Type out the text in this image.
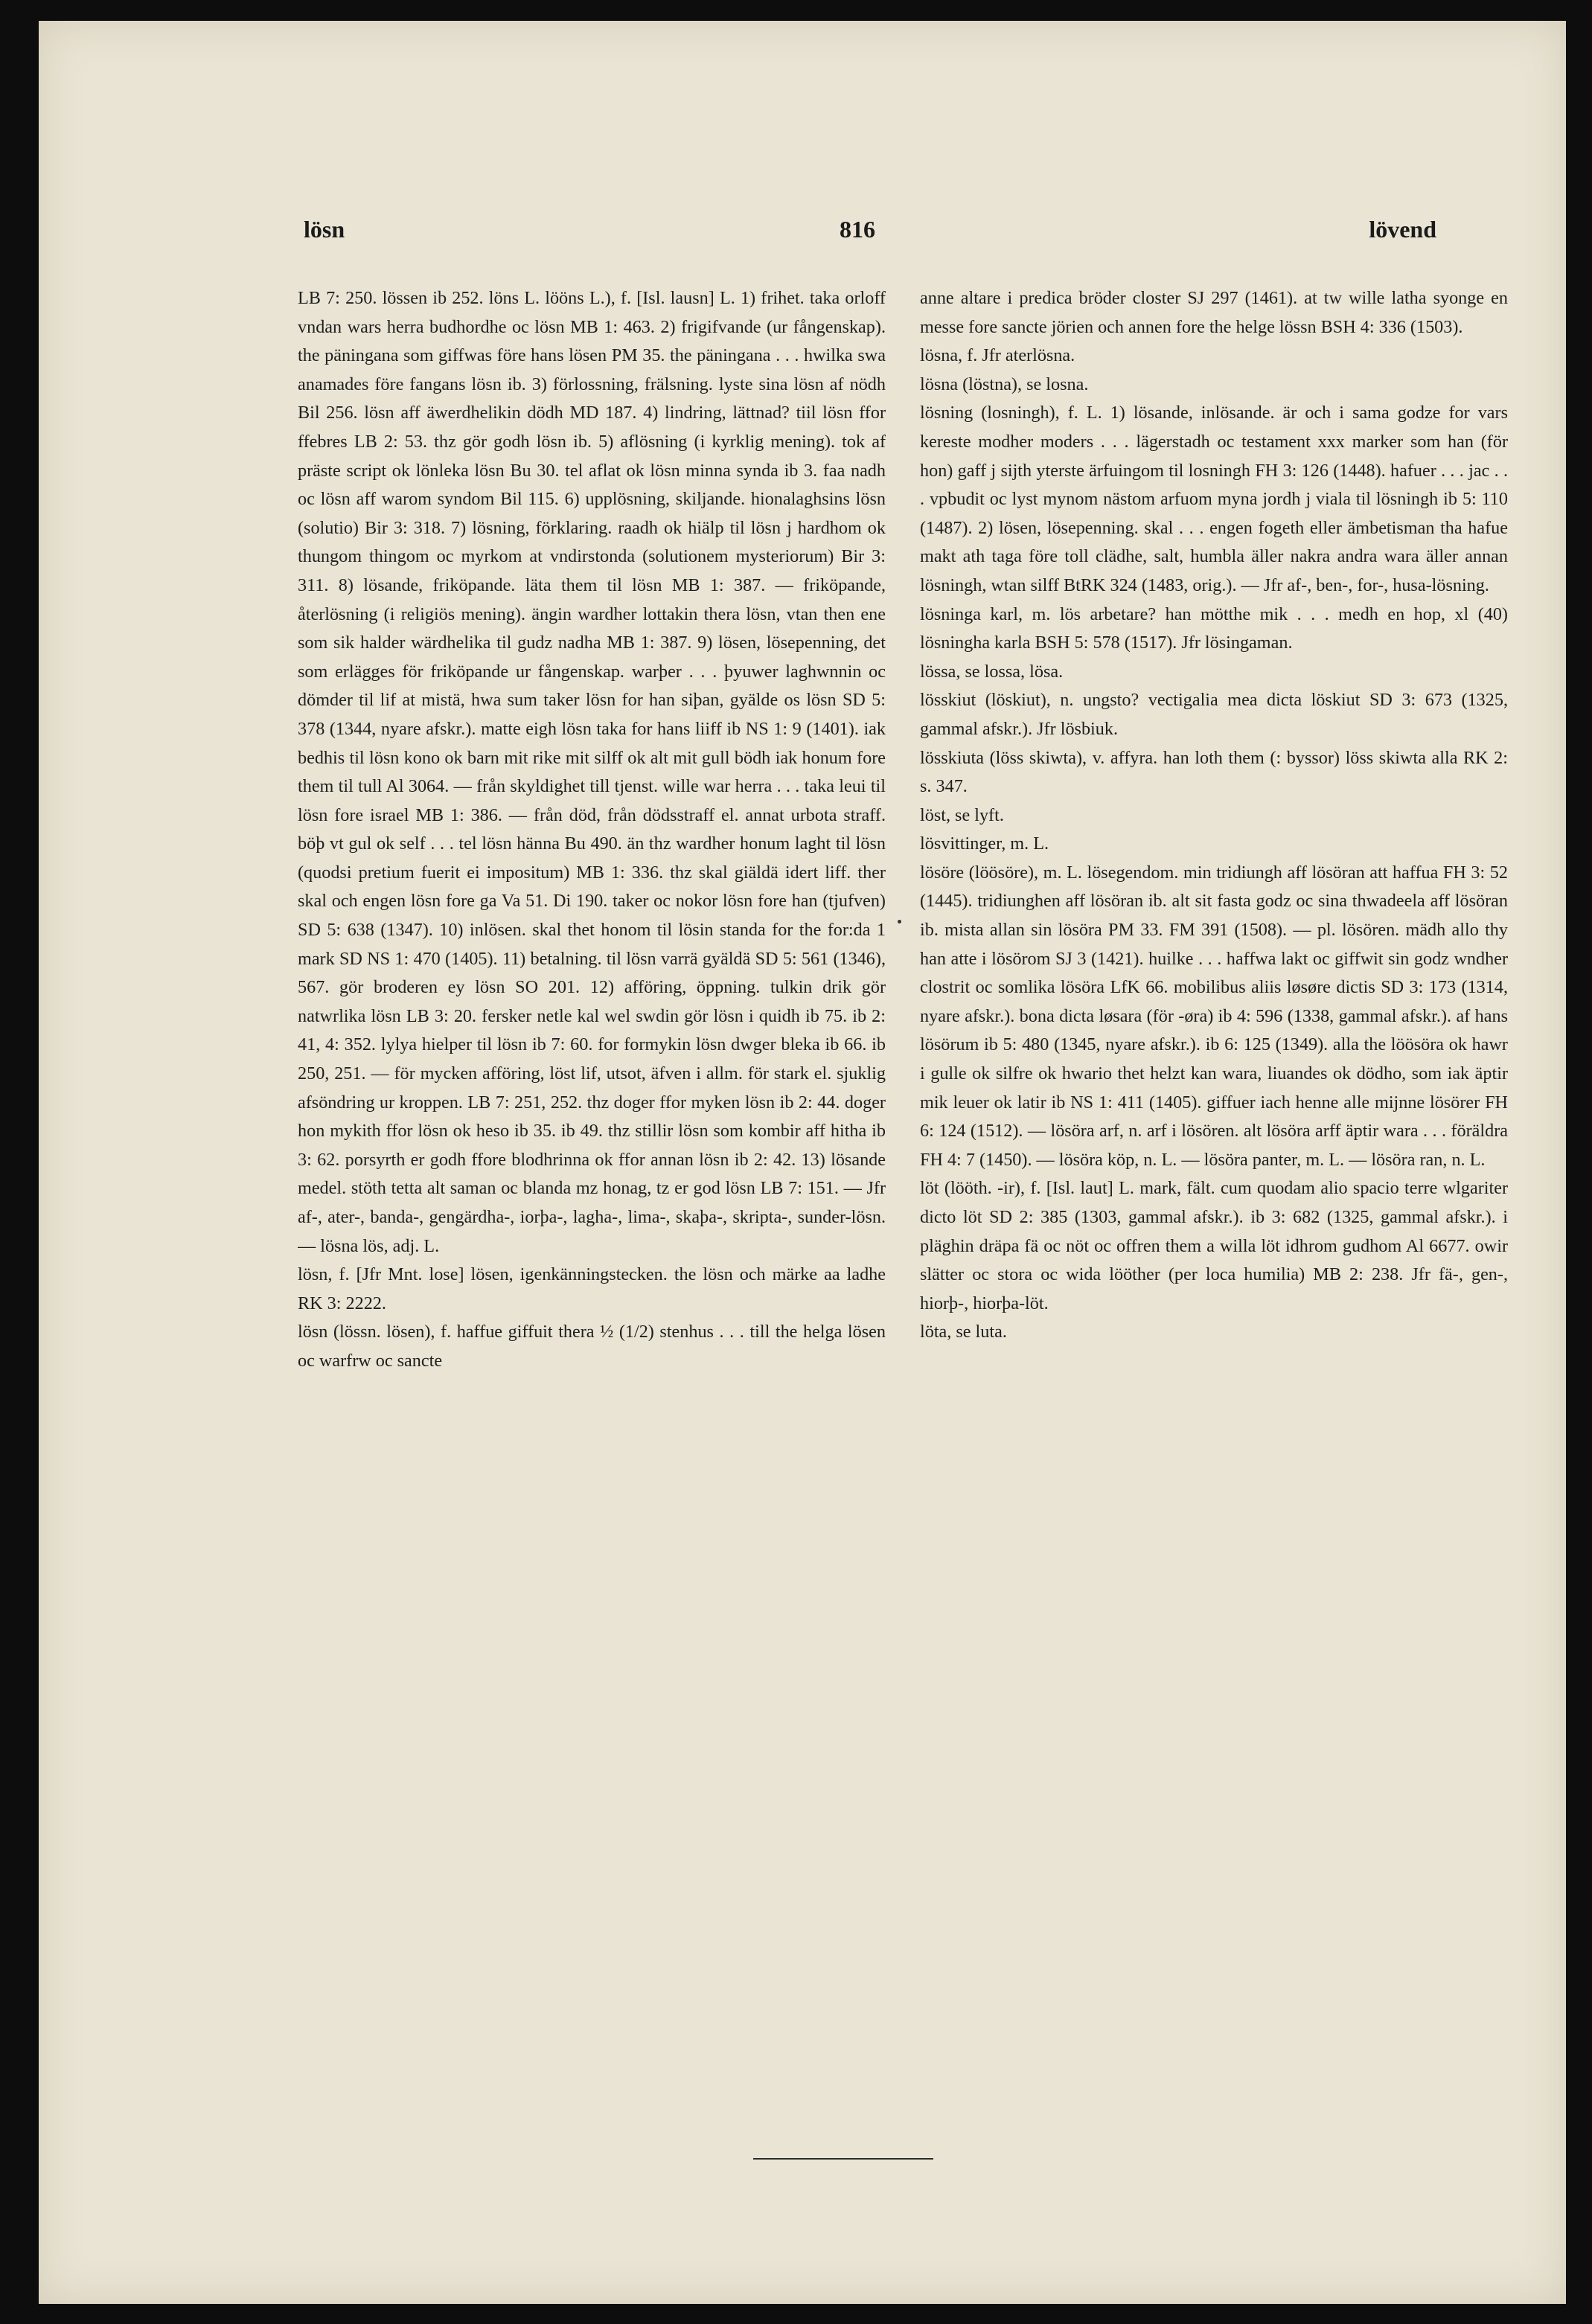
lösn	816	lövend

LB 7: 250. lössen ib 252. löns L. lööns L.), f. [Isl. lausn] L. 1) frihet. taka orloff vndan wars herra budhordhe oc lösn MB 1: 463. 2) frigifvande (ur fångenskap). the päningana som giffwas före hans lösen PM 35. the päningana . . . hwilka swa anamades före fangans lösn ib. 3) förlossning, frälsning. lyste sina lösn af nödh Bil 256. lösn aff äwerdhelikin dödh MD 187. 4) lindring, lättnad? tiil lösn ffor ffebres LB 2: 53. thz gör godh lösn ib. 5) aflösning (i kyrklig mening). tok af präste script ok lönleka lösn Bu 30. tel aflat ok lösn minna synda ib 3. faa nadh oc lösn aff warom syndom Bil 115. 6) upplösning, skiljande. hionalaghsins lösn (solutio) Bir 3: 318. 7) lösning, förklaring. raadh ok hiälp til lösn j hardhom ok thungom thingom oc myrkom at vndirstonda (solutionem mysteriorum) Bir 3: 311. 8) lösande, friköpande. läta them til lösn MB 1: 387. — friköpande, återlösning (i religiös mening). ängin wardher lottakin thera lösn, vtan then ene som sik halder wärdhelika til gudz nadha MB 1: 387. 9) lösen, lösepenning, det som erlägges för friköpande ur fångenskap. warþer . . . þyuwer laghwnnin oc dömder til lif at mistä, hwa sum taker lösn for han siþan, gyälde os lösn SD 5: 378 (1344, nyare afskr.). matte eigh lösn taka for hans liiff ib NS 1: 9 (1401). iak bedhis til lösn kono ok barn mit rike mit silff ok alt mit gull bödh iak honum fore them til tull Al 3064. — från skyldighet till tjenst. wille war herra . . . taka leui til lösn fore israel MB 1: 386. — från död, från dödsstraff el. annat urbota straff. böþ vt gul ok self . . . tel lösn hänna Bu 490. än thz wardher honum laght til lösn (quodsi pretium fuerit ei impositum) MB 1: 336. thz skal giäldä idert liff. ther skal och engen lösn fore ga Va 51. Di 190. taker oc nokor lösn fore han (tjufven) SD 5: 638 (1347). 10) inlösen. skal thet honom til lösin standa for the for:da 1 mark SD NS 1: 470 (1405). 11) betalning. til lösn varrä gyäldä SD 5: 561 (1346), 567. gör broderen ey lösn SO 201. 12) afföring, öppning. tulkin drik gör natwrlika lösn LB 3: 20. fersker netle kal wel swdin gör lösn i quidh ib 75. ib 2: 41, 4: 352. lylya hielper til lösn ib 7: 60. for formykin lösn dwger bleka ib 66. ib 250, 251. — för mycken afföring, löst lif, utsot, äfven i allm. för stark el. sjuklig afsöndring ur kroppen. LB 7: 251, 252. thz doger ffor myken lösn ib 2: 44. doger hon mykith ffor lösn ok heso ib 35. ib 49. thz stillir lösn som kombir aff hitha ib 3: 62. porsyrth er godh ffore blodhrinna ok ffor annan lösn ib 2: 42. 13) lösande medel. stöth tetta alt saman oc blanda mz honag, tz er god lösn LB 7: 151. — Jfr af-, ater-, banda-, gengärdha-, iorþa-, lagha-, lima-, skaþa-, skripta-, sunder-lösn. — lösna lös, adj. L.

lösn, f. [Jfr Mnt. lose] lösen, igenkänningstecken. the lösn och märke aa ladhe RK 3: 2222.

lösn (lössn. lösen), f. haffue giffuit thera ½ (1/2) stenhus . . . till the helga lösen oc warfrw oc sancte

anne altare i predica bröder closter SJ 297 (1461). at tw wille latha syonge en messe fore sancte jörien och annen fore the helge lössn BSH 4: 336 (1503).

lösna, f. Jfr aterlösna.

lösna (löstna), se losna.

lösning (losningh), f. L. 1) lösande, inlösande. är och i sama godze for vars kereste modher moders . . . lägerstadh oc testament xxx marker som han (för hon) gaff j sijth yterste ärfuingom til losningh FH 3: 126 (1448). hafuer . . . jac . . . vpbudit oc lyst mynom nästom arfuom myna jordh j viala til lösningh ib 5: 110 (1487). 2) lösen, lösepenning. skal . . . engen fogeth eller ämbetisman tha hafue makt ath taga före toll clädhe, salt, humbla äller nakra andra wara äller annan lösningh, wtan silff BtRK 324 (1483, orig.). — Jfr af-, ben-, for-, husa-lösning.

lösninga karl, m. lös arbetare? han mötthe mik . . . medh en hop, xl (40) lösningha karla BSH 5: 578 (1517). Jfr lösingaman.

lössa, se lossa, lösa.

lösskiut (löskiut), n. ungsto? vectigalia mea dicta löskiut SD 3: 673 (1325, gammal afskr.). Jfr lösbiuk.

lösskiuta (löss skiwta), v. affyra. han loth them (: byssor) löss skiwta alla RK 2: s. 347.

löst, se lyft.

lösvittinger, m. L.

lösöre (löösöre), m. L. lösegendom. min tridiungh aff lösöran att haffua FH 3: 52 (1445). tridiunghen aff lösöran ib. alt sit fasta godz oc sina thwadeela aff lösöran ib. mista allan sin lösöra PM 33. FM 391 (1508). — pl. lösören. mädh allo thy han atte i lösörom SJ 3 (1421). huilke . . . haffwa lakt oc giffwit sin godz wndher clostrit oc somlika lösöra LfK 66. mobilibus aliis løsøre dictis SD 3: 173 (1314, nyare afskr.). bona dicta løsara (för -øra) ib 4: 596 (1338, gammal afskr.). af hans lösörum ib 5: 480 (1345, nyare afskr.). ib 6: 125 (1349). alla the löösöra ok hawr i gulle ok silfre ok hwario thet helzt kan wara, liuandes ok dödho, som iak äptir mik leuer ok latir ib NS 1: 411 (1405). giffuer iach henne alle mijnne lösörer FH 6: 124 (1512). — lösöra arf, n. arf i lösören. alt lösöra arff äptir wara . . . föräldra FH 4: 7 (1450). — lösöra köp, n. L. — lösöra panter, m. L. — lösöra ran, n. L.

löt (lööth. -ir), f. [Isl. laut] L. mark, fält. cum quodam alio spacio terre wlgariter dicto löt SD 2: 385 (1303, gammal afskr.). ib 3: 682 (1325, gammal afskr.). i pläghin dräpa fä oc nöt oc offren them a willa löt idhrom gudhom Al 6677. owir slätter oc stora oc wida lööther (per loca humilia) MB 2: 238. Jfr fä-, gen-, hiorþ-, hiorþa-löt.

löta, se luta.
